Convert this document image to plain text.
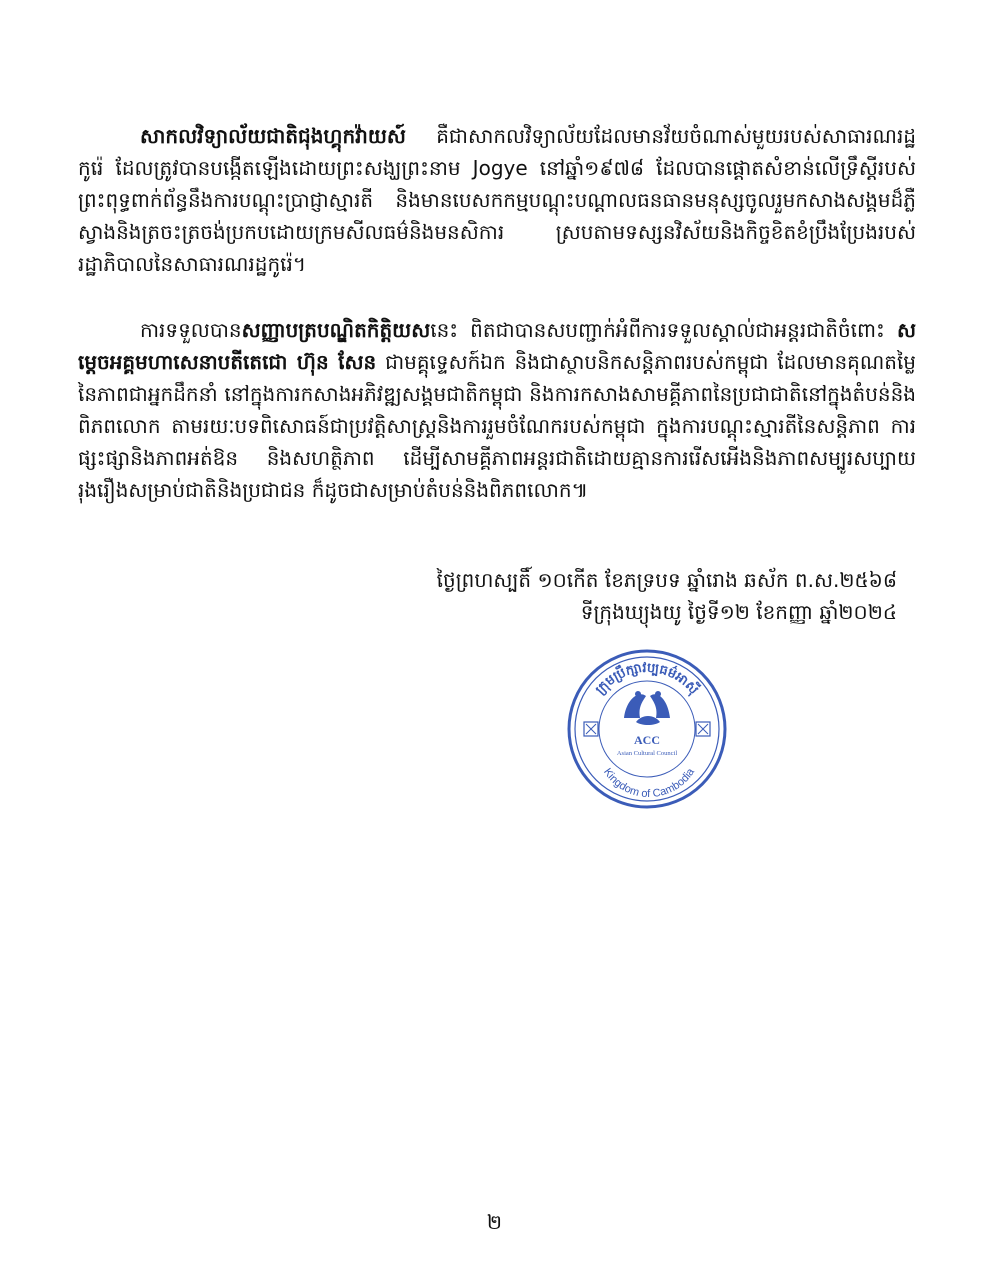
សាកលវិទ្យាល័យជាតិជុងហ្គុកវ៉ាយស៍ គឺជាសាកលវិទ្យាល័យដែលមានវ័យចំណាស់មួយរបស់សាធារណរដ្ឋកូរ៉េ ដែលត្រូវបានបង្កើតឡើងដោយព្រះសង្ឃព្រះនាម Jogye នៅឆ្នាំ១៩៧៨ ដែលបានផ្តោតសំខាន់លើទ្រឹស្តីរបស់ព្រះពុទ្ធពាក់ព័ន្ធនឹងការបណ្តុះប្រាជ្ញាស្មារតី និងមានបេសកកម្មបណ្តុះបណ្តាលធនធានមនុស្សចូលរួមកសាងសង្គមដ៏ភ្លឺស្វាងនិងត្រចះត្រចង់ប្រកបដោយក្រមសីលធម៌និងមនសិការ ស្របតាមទស្សនវិស័យនិងកិច្ចខិតខំប្រឹងប្រែងរបស់រដ្ឋាភិបាលនៃសាធារណរដ្ឋកូរ៉េ។

ការទទួលបានសញ្ញាបត្របណ្ឌិតកិត្តិយសនេះ ពិតជាបានសបញ្ជាក់អំពីការទទួលស្គាល់ជាអន្តរជាតិចំពោះ សម្តេចអគ្គមហាសេនាបតីតេជោ ហ៊ុន សែន ជាមគ្គុទ្ទេសក៍ឯក និងជាស្ថាបនិកសន្តិភាពរបស់កម្ពុជា ដែលមានគុណតម្លៃនៃភាពជាអ្នកដឹកនាំ នៅក្នុងការកសាងអភិវឌ្ឍសង្គមជាតិកម្ពុជា និងការកសាងសាមគ្គីភាពនៃប្រជាជាតិនៅក្នុងតំបន់និងពិភពលោក តាមរយៈបទពិសោធន៍ជាប្រវត្តិសាស្ត្រនិងការរួមចំណែករបស់កម្ពុជា ក្នុងការបណ្តុះស្មារតីនៃសន្តិភាព ការផ្សះផ្សានិងភាពអត់ឱន និងសហត្ថិភាព ដើម្បីសាមគ្គីភាពអន្តរជាតិដោយគ្មានការរើសអើងនិងភាពសម្បូរសប្បាយរុងរឿងសម្រាប់ជាតិនិងប្រជាជន ក៏ដូចជាសម្រាប់តំបន់និងពិភពលោក៕

ថ្ងៃព្រហស្បតិ៍ ១០កើត ខែភទ្របទ ឆ្នាំរោង ឆស័ក ព.ស.២៥៦៨
ទីក្រុងឃ្យុងយូ ថ្ងៃទី១២ ខែកញ្ញា ឆ្នាំ២០២៤
ក្រុមប្រឹក្សាវប្បធម៌អាស៊ី
Kingdom of Cambodia
ACC
Asian Cultural Council
២
